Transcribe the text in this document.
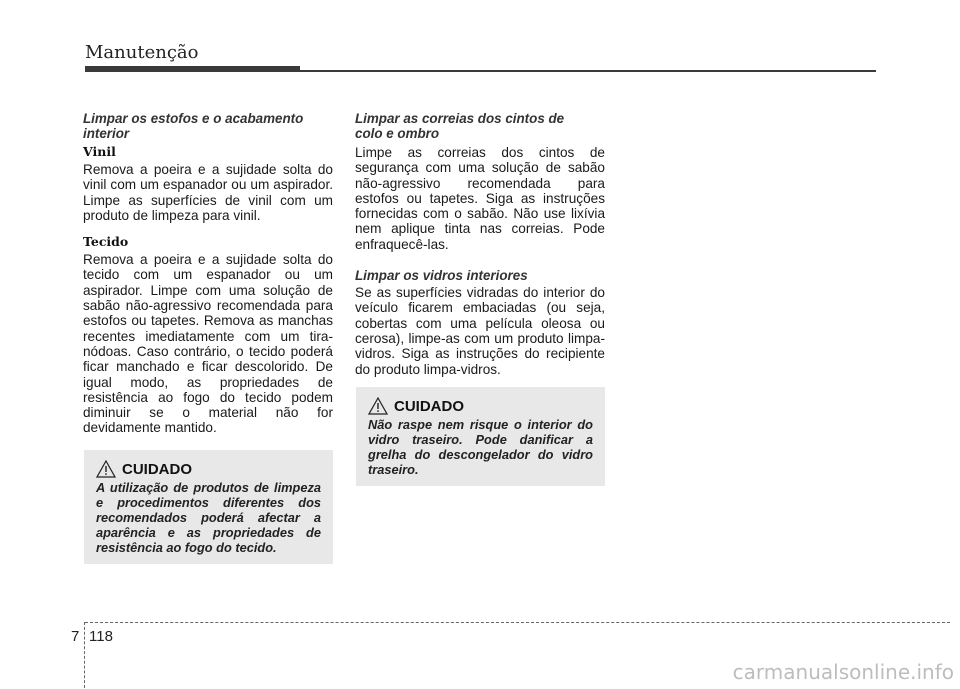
Manutenção
Limpar os estofos e o acabamento
interior
Vinil

Remova a poeira e a sujidade solta do vinil com um espanador ou um aspirador. Limpe as superfícies de vinil com um produto de limpeza para vinil.

Tecido

Remova a poeira e a sujidade solta do tecido com um espanador ou um aspirador. Limpe com uma solução de sabão não-agressivo recomendada para estofos ou tapetes. Remova as manchas recentes imediatamente com um tira-nódoas. Caso contrário, o tecido poderá ficar manchado e ficar descolorido. De igual modo, as propriedades de resistência ao fogo do tecido podem diminuir se o material não for devidamente mantido.

CUIDADO
A utilização de produtos de limpeza e procedimentos diferentes dos recomendados poderá afectar a aparência e as propriedades de resistência ao fogo do tecido.
Limpar as correias dos cintos de
colo e ombro

Limpe as correias dos cintos de segurança com uma solução de sabão não-agressivo recomendada para estofos ou tapetes. Siga as instruções fornecidas com o sabão. Não use lixívia nem aplique tinta nas correias. Pode enfraquecê-las.

Limpar os vidros interiores

Se as superfícies vidradas do interior do veículo ficarem embaciadas (ou seja, cobertas com uma película oleosa ou cerosa), limpe-as com um produto limpa-vidros. Siga as instruções do recipiente do produto limpa-vidros.

CUIDADO
Não raspe nem risque o interior do vidro traseiro. Pode danificar a grelha do descongelador do vidro traseiro.
7 118
carmanualsonline.info
